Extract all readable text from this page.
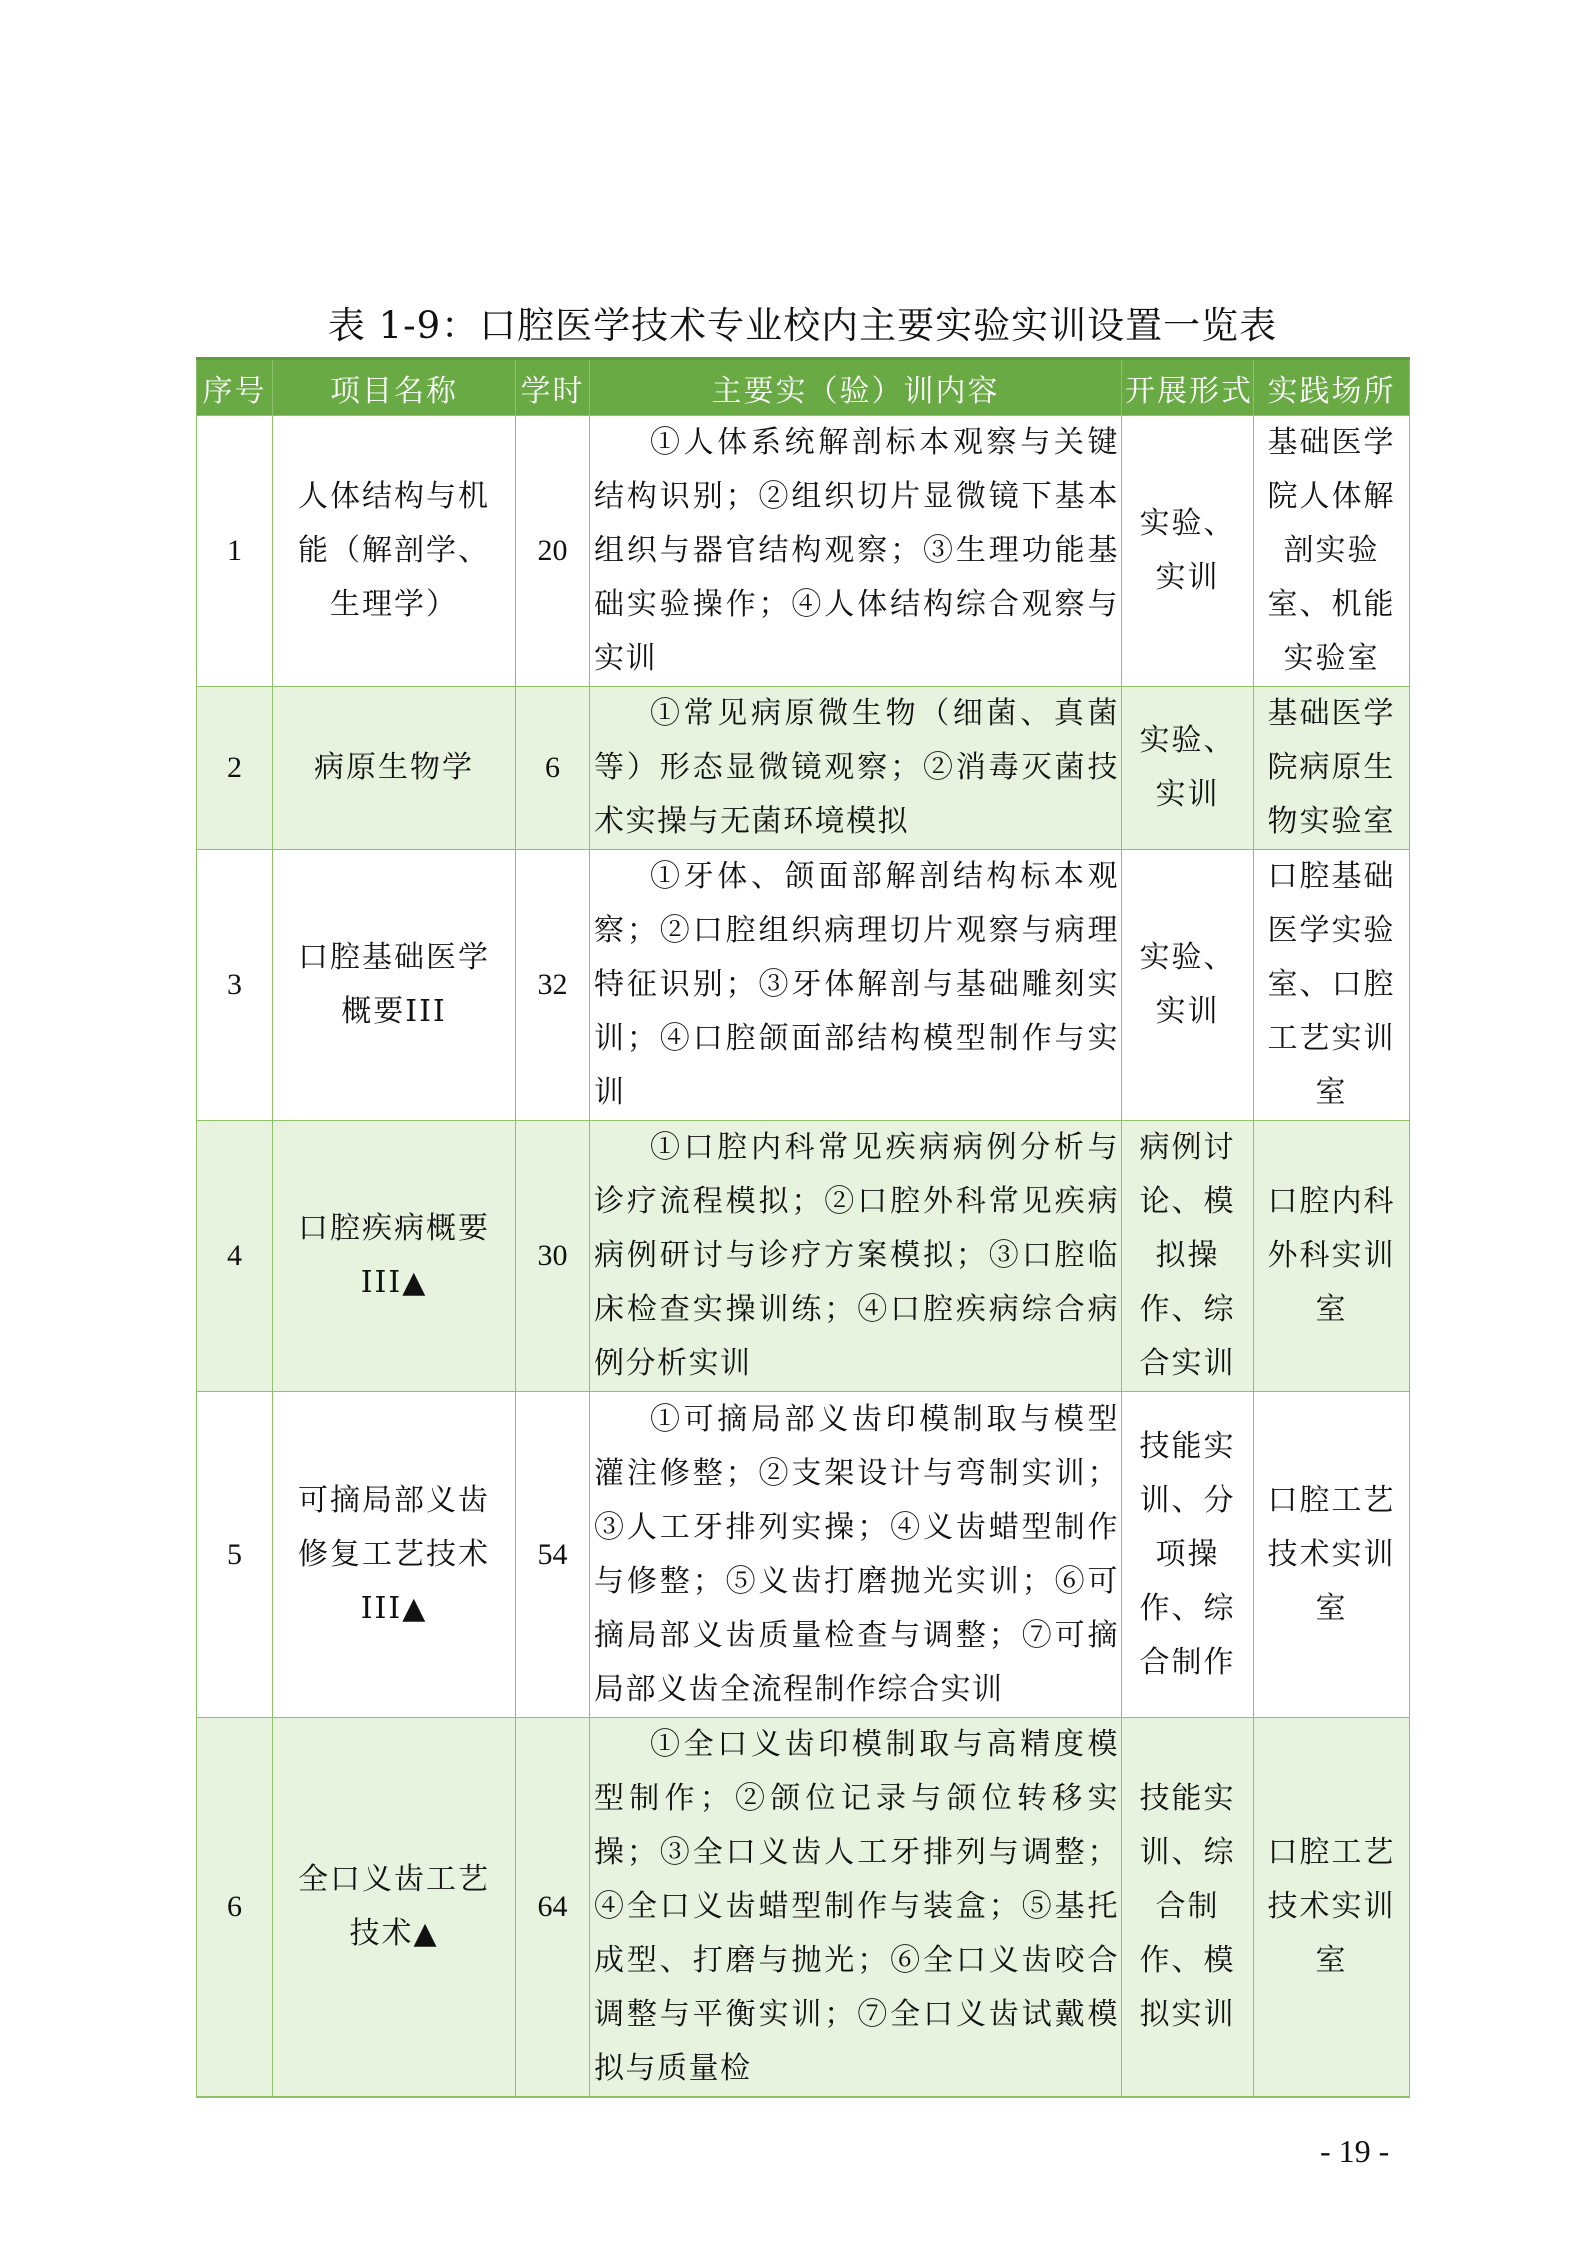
表 1-9：口腔医学技术专业校内主要实验实训设置一览表
序号	项目名称	学时	主要实（验）训内容	开展形式	实践场所
1	人体结构与机能（解剖学、生理学）	20	①人体系统解剖标本观察与关键结构识别；②组织切片显微镜下基本组织与器官结构观察；③生理功能基础实验操作；④人体结构综合观察与实训	实验、实训	基础医学院人体解剖实验室、机能实验室
2	病原生物学	6	①常见病原微生物（细菌、真菌等）形态显微镜观察；②消毒灭菌技术实操与无菌环境模拟	实验、实训	基础医学院病原生物实验室
3	口腔基础医学概要III	32	①牙体、颌面部解剖结构标本观察；②口腔组织病理切片观察与病理特征识别；③牙体解剖与基础雕刻实训；④口腔颌面部结构模型制作与实训	实验、实训	口腔基础医学实验室、口腔工艺实训室
4	口腔疾病概要III▲	30	①口腔内科常见疾病病例分析与诊疗流程模拟；②口腔外科常见疾病病例研讨与诊疗方案模拟；③口腔临床检查实操训练；④口腔疾病综合病例分析实训	病例讨论、模拟操作、综合实训	口腔内科外科实训室
5	可摘局部义齿修复工艺技术III▲	54	①可摘局部义齿印模制取与模型灌注修整；②支架设计与弯制实训；③人工牙排列实操；④义齿蜡型制作与修整；⑤义齿打磨抛光实训；⑥可摘局部义齿质量检查与调整；⑦可摘局部义齿全流程制作综合实训	技能实训、分项操作、综合制作	口腔工艺技术实训室
6	全口义齿工艺技术▲	64	①全口义齿印模制取与高精度模型制作；②颌位记录与颌位转移实操；③全口义齿人工牙排列与调整；④全口义齿蜡型制作与装盒；⑤基托成型、打磨与抛光；⑥全口义齿咬合调整与平衡实训；⑦全口义齿试戴模拟与质量检	技能实训、综合制作、模拟实训	口腔工艺技术实训室
- 19 -
